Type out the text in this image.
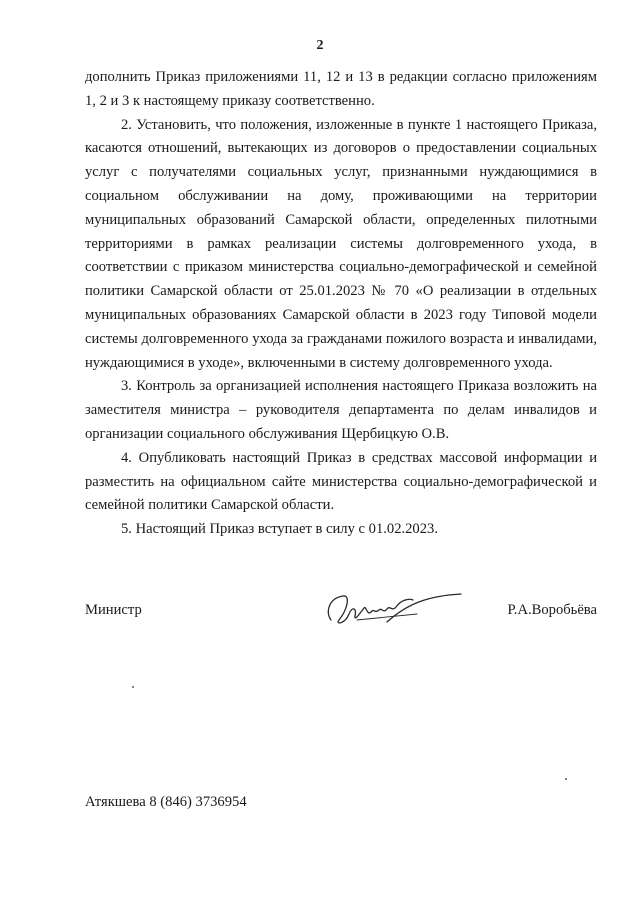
2

дополнить Приказ приложениями 11, 12 и 13 в редакции согласно приложениям 1, 2 и 3 к настоящему приказу соответственно.

2. Установить, что положения, изложенные в пункте 1 настоящего Приказа, касаются отношений, вытекающих из договоров о предоставлении социальных услуг с получателями социальных услуг, признанными нуждающимися в социальном обслуживании на дому, проживающими на территории муниципальных образований Самарской области, определенных пилотными территориями в рамках реализации системы долговременного ухода, в соответствии с приказом министерства социально-демографической и семейной политики Самарской области от 25.01.2023 № 70 «О реализации в отдельных муниципальных образованиях Самарской области в 2023 году Типовой модели системы долговременного ухода за гражданами пожилого возраста и инвалидами, нуждающимися в уходе», включенными в систему долговременного ухода.

3. Контроль за организацией исполнения настоящего Приказа возложить на заместителя министра – руководителя департамента по делам инвалидов и организации социального обслуживания Щербицкую О.В.

4. Опубликовать настоящий Приказ в средствах массовой информации и разместить на официальном сайте министерства социально-демографической и семейной политики Самарской области.

5. Настоящий Приказ вступает в силу с 01.02.2023.

Министр	Р.А.Воробьёва
Атякшева 8 (846) 3736954
